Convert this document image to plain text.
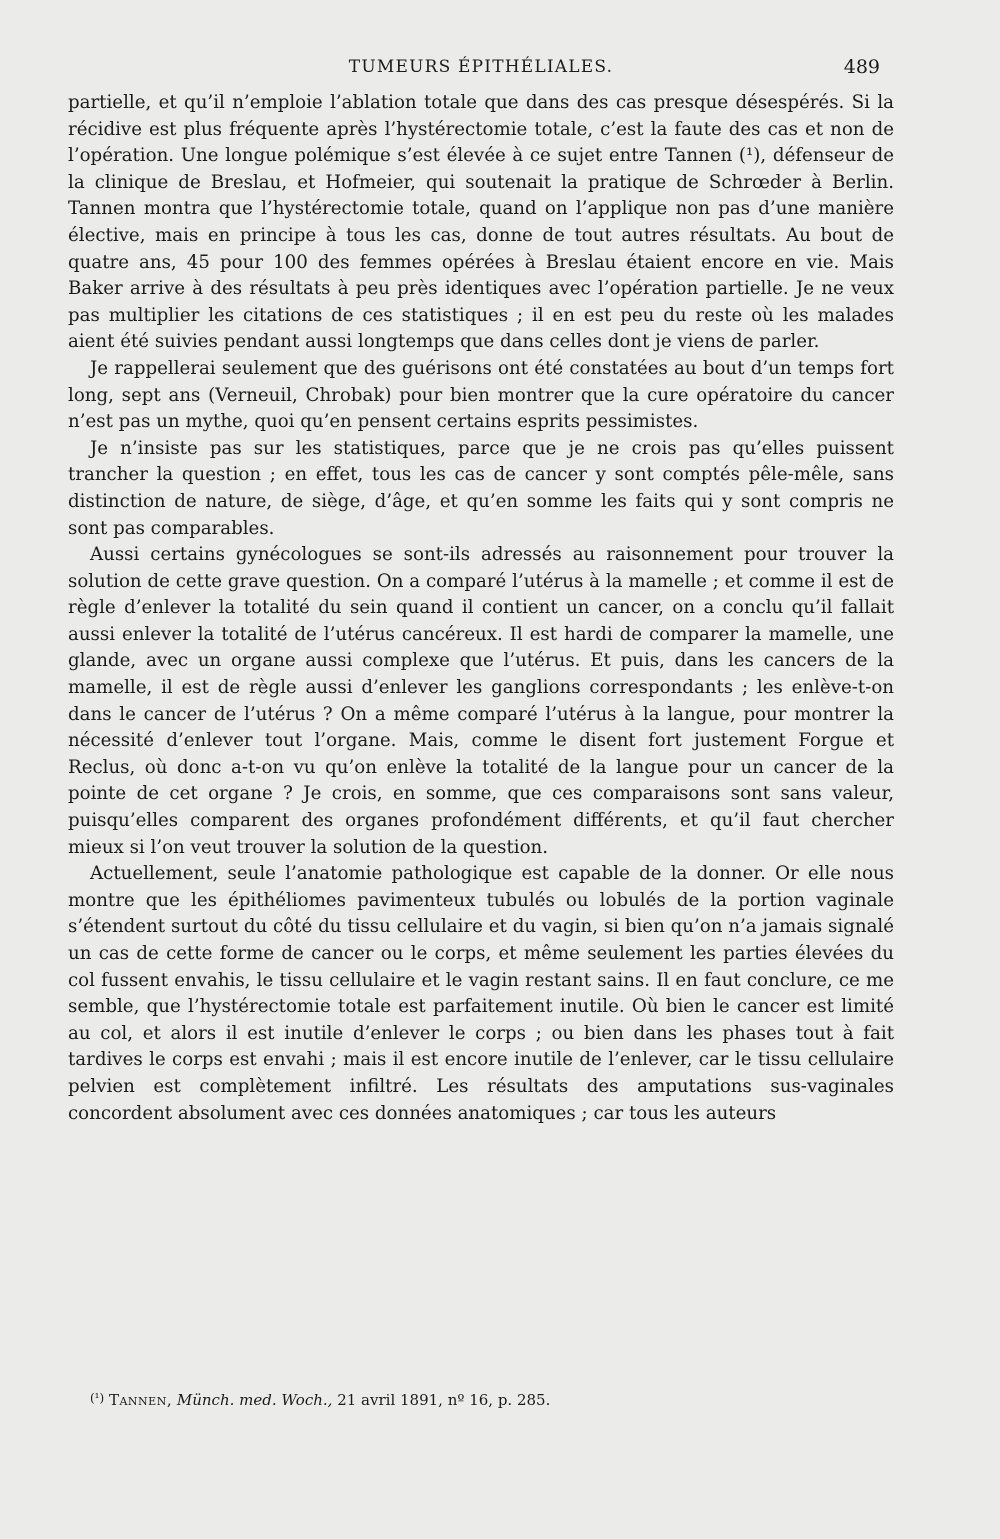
TUMEURS ÉPITHÉLIALES.	489

partielle, et qu’il n’emploie l’ablation totale que dans des cas presque désespérés. Si la récidive est plus fréquente après l’hystérectomie totale, c’est la faute des cas et non de l’opération. Une longue polémique s’est élevée à ce sujet entre Tannen (¹), défenseur de la clinique de Breslau, et Hofmeier, qui soutenait la pratique de Schrœder à Berlin. Tannen montra que l’hystérectomie totale, quand on l’applique non pas d’une manière élective, mais en principe à tous les cas, donne de tout autres résultats. Au bout de quatre ans, 45 pour 100 des femmes opérées à Breslau étaient encore en vie. Mais Baker arrive à des résultats à peu près identiques avec l’opération partielle. Je ne veux pas multiplier les citations de ces statistiques ; il en est peu du reste où les malades aient été suivies pendant aussi longtemps que dans celles dont je viens de parler.

Je rappellerai seulement que des guérisons ont été constatées au bout d’un temps fort long, sept ans (Verneuil, Chrobak) pour bien montrer que la cure opératoire du cancer n’est pas un mythe, quoi qu’en pensent certains esprits pessimistes.

Je n’insiste pas sur les statistiques, parce que je ne crois pas qu’elles puissent trancher la question ; en effet, tous les cas de cancer y sont comptés pêle-mêle, sans distinction de nature, de siège, d’âge, et qu’en somme les faits qui y sont compris ne sont pas comparables.

Aussi certains gynécologues se sont-ils adressés au raisonnement pour trouver la solution de cette grave question. On a comparé l’utérus à la mamelle ; et comme il est de règle d’enlever la totalité du sein quand il contient un cancer, on a conclu qu’il fallait aussi enlever la totalité de l’utérus cancéreux. Il est hardi de comparer la mamelle, une glande, avec un organe aussi complexe que l’utérus. Et puis, dans les cancers de la mamelle, il est de règle aussi d’enlever les ganglions correspondants ; les enlève-t-on dans le cancer de l’utérus ? On a même comparé l’utérus à la langue, pour montrer la nécessité d’enlever tout l’organe. Mais, comme le disent fort justement Forgue et Reclus, où donc a-t-on vu qu’on enlève la totalité de la langue pour un cancer de la pointe de cet organe ? Je crois, en somme, que ces comparaisons sont sans valeur, puisqu’elles comparent des organes profondément différents, et qu’il faut chercher mieux si l’on veut trouver la solution de la question.

Actuellement, seule l’anatomie pathologique est capable de la donner. Or elle nous montre que les épithéliomes pavimenteux tubulés ou lobulés de la portion vaginale s’étendent surtout du côté du tissu cellulaire et du vagin, si bien qu’on n’a jamais signalé un cas de cette forme de cancer ou le corps, et même seulement les parties élevées du col fussent envahis, le tissu cellulaire et le vagin restant sains. Il en faut conclure, ce me semble, que l’hystérectomie totale est parfaitement inutile. Où bien le cancer est limité au col, et alors il est inutile d’enlever le corps ; ou bien dans les phases tout à fait tardives le corps est envahi ; mais il est encore inutile de l’enlever, car le tissu cellulaire pelvien est complètement infiltré. Les résultats des amputations sus-vaginales concordent absolument avec ces données anatomiques ; car tous les auteurs

$^{(^1)}$ Tannen, Münch. med. Woch., 21 avril 1891, nº 16, p. 285.
